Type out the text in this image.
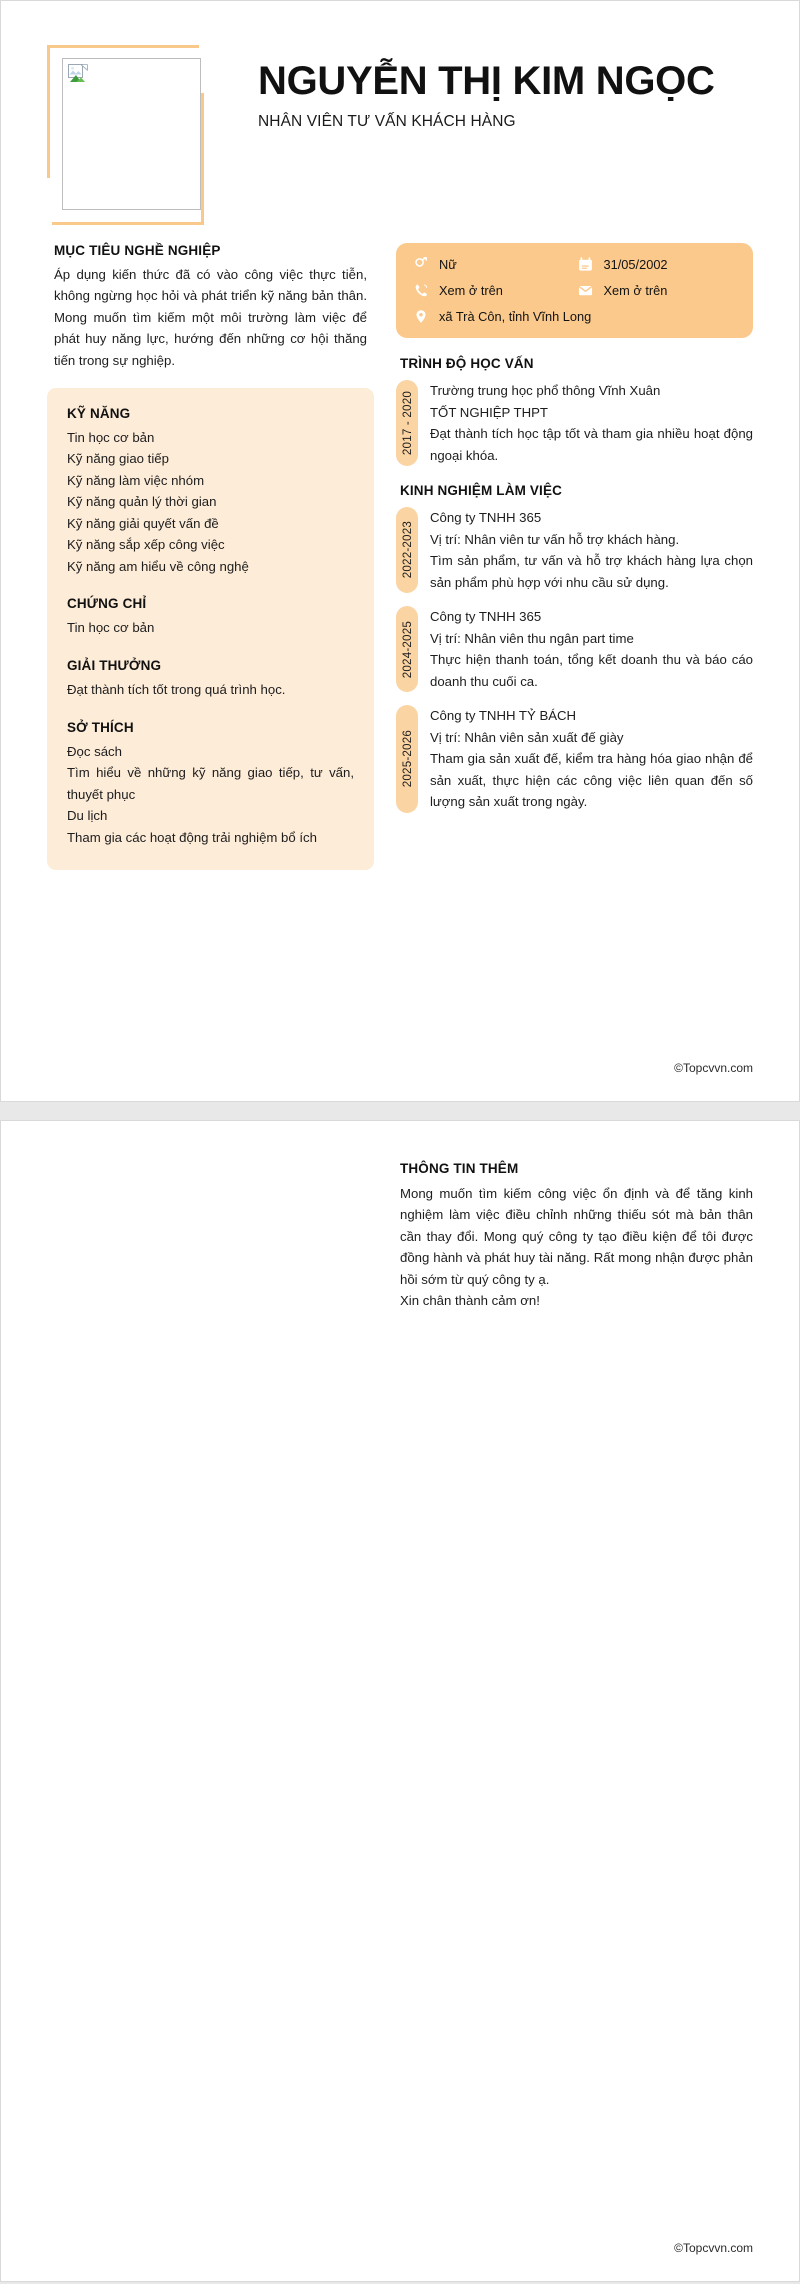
NGUYỄN THỊ KIM NGỌC
NHÂN VIÊN TƯ VẤN KHÁCH HÀNG
MỤC TIÊU NGHỀ NGHIỆP
Áp dụng kiến thức đã có vào công việc thực tiễn, không ngừng học hỏi và phát triển kỹ năng bản thân. Mong muốn tìm kiếm một môi trường làm việc để phát huy năng lực, hướng đến những cơ hội thăng tiến trong sự nghiệp.
KỸ NĂNG
Tin học cơ bản
Kỹ năng giao tiếp
Kỹ năng làm việc nhóm
Kỹ năng quản lý thời gian
Kỹ năng giải quyết vấn đề
Kỹ năng sắp xếp công việc
Kỹ năng am hiểu về công nghệ
CHỨNG CHỈ
Tin học cơ bản
GIẢI THƯỞNG
Đạt thành tích tốt trong quá trình học.
SỞ THÍCH
Đọc sách
Tìm hiểu về những kỹ năng giao tiếp, tư vấn, thuyết phục
Du lịch
Tham gia các hoạt động trải nghiệm bổ ích
Nữ	31/05/2002
Xem ở trên	Xem ở trên
xã Trà Côn, tỉnh Vĩnh Long
TRÌNH ĐỘ HỌC VẤN
2017 - 2020
Trường trung học phổ thông Vĩnh Xuân
TỐT NGHIỆP THPT
Đạt thành tích học tập tốt và tham gia nhiều hoạt động ngoại khóa.
KINH NGHIỆM LÀM VIỆC
2022-2023
Công ty TNHH 365
Vị trí: Nhân viên tư vấn hỗ trợ khách hàng.
Tìm sản phẩm, tư vấn và hỗ trợ khách hàng lựa chọn sản phẩm phù hợp với nhu cầu sử dụng.
2024-2025
Công ty TNHH 365
Vị trí: Nhân viên thu ngân part time
Thực hiện thanh toán, tổng kết doanh thu và báo cáo doanh thu cuối ca.
2025-2026
Công ty TNHH TỶ BÁCH
Vị trí: Nhân viên sản xuất đế giày
Tham gia sản xuất đế, kiểm tra hàng hóa giao nhận để sản xuất, thực hiện các công việc liên quan đến số lượng sản xuất trong ngày.
©Topcvvn.com
THÔNG TIN THÊM
Mong muốn tìm kiếm công việc ổn định và để tăng kinh nghiệm làm việc điều chỉnh những thiếu sót mà bản thân cần thay đổi. Mong quý công ty tạo điều kiện để tôi được đồng hành và phát huy tài năng. Rất mong nhận được phản hồi sớm từ quý công ty ạ.
Xin chân thành cảm ơn!
©Topcvvn.com
